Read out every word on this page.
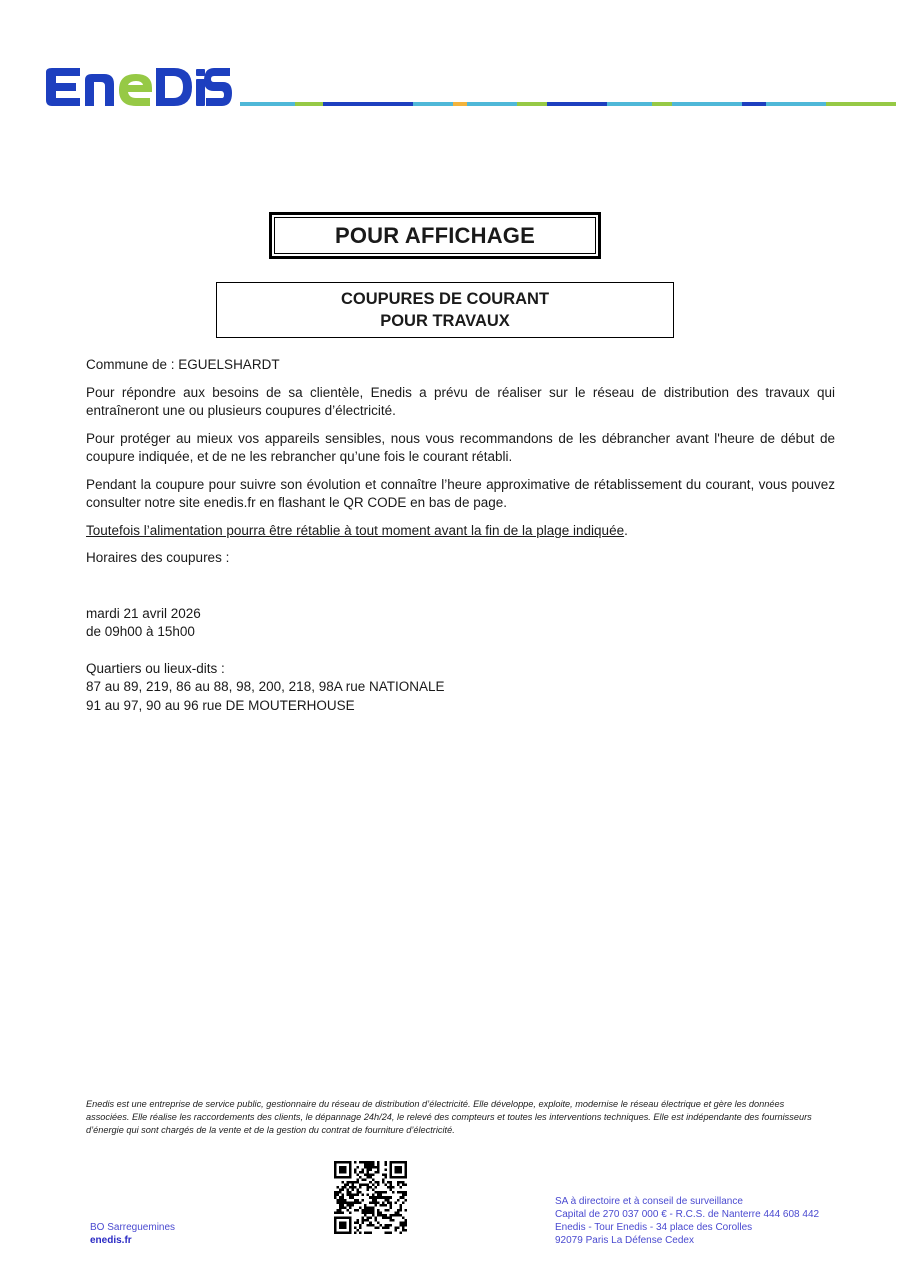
POUR AFFICHAGE
COUPURES DE COURANT
POUR TRAVAUX

Commune de : EGUELSHARDT

Pour répondre aux besoins de sa clientèle, Enedis a prévu de réaliser sur le réseau de distribution des travaux qui entraîneront une ou plusieurs coupures d’électricité.

Pour protéger au mieux vos appareils sensibles, nous vous recommandons de les débrancher avant l'heure de début de coupure indiquée, et de ne les rebrancher qu’une fois le courant rétabli.

Pendant la coupure pour suivre son évolution et connaître l’heure approximative de rétablissement du courant, vous pouvez consulter notre site enedis.fr en flashant le QR CODE en bas de page.

Toutefois l’alimentation pourra être rétablie à tout moment avant la fin de la plage indiquée.

Horaires des coupures :

mardi 21 avril 2026
de 09h00 à 15h00
Quartiers ou lieux-dits :
87 au 89, 219, 86 au 88, 98, 200, 218, 98A rue NATIONALE
91 au 97, 90 au 96 rue DE MOUTERHOUSE
Enedis est une entreprise de service public, gestionnaire du réseau de distribution d’électricité. Elle développe, exploite, modernise le réseau électrique et gère les données associées. Elle réalise les raccordements des clients, le dépannage 24h/24, le relevé des compteurs et toutes les interventions techniques. Elle est indépendante des fournisseurs d’énergie qui sont chargés de la vente et de la gestion du contrat de fourniture d’électricité.
BO Sarreguemines
enedis.fr
SA à directoire et à conseil de surveillance
Capital de 270 037 000 € - R.C.S. de Nanterre 444 608 442
Enedis - Tour Enedis - 34 place des Corolles
92079 Paris La Défense Cedex
